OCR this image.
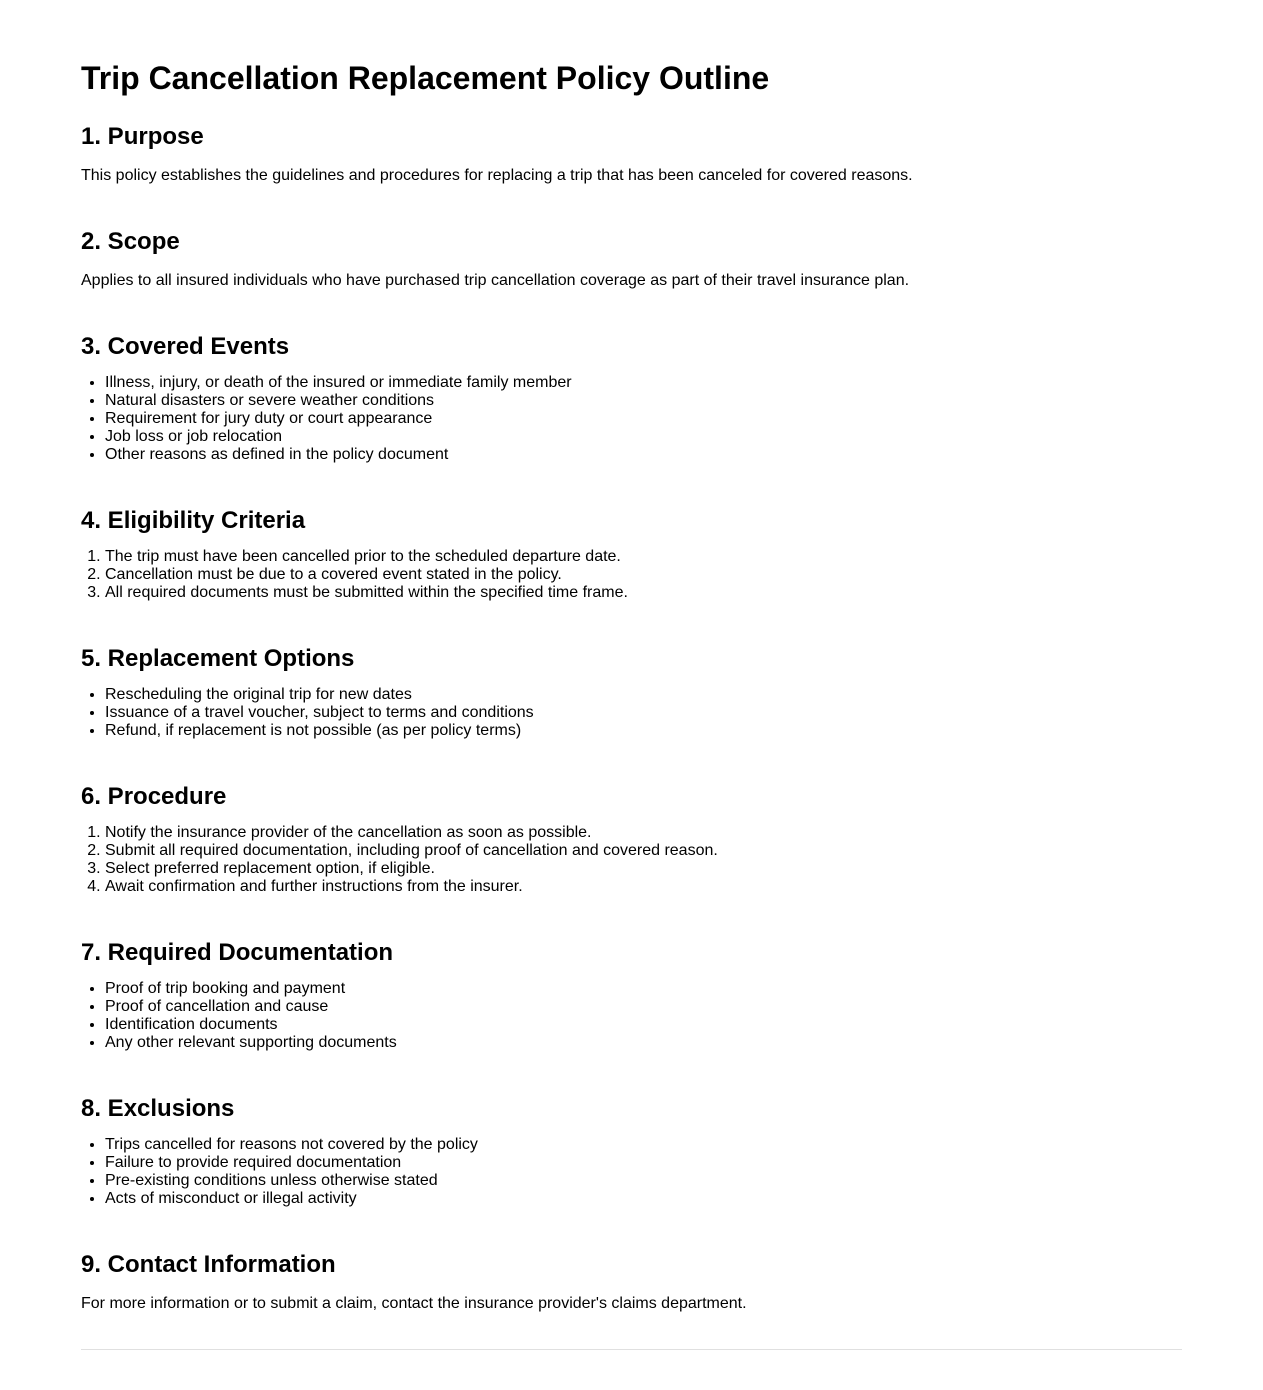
Trip Cancellation Replacement Policy Outline
1. Purpose

This policy establishes the guidelines and procedures for replacing a trip that has been canceled for covered reasons.

2. Scope

Applies to all insured individuals who have purchased trip cancellation coverage as part of their travel insurance plan.

3. Covered Events
• Illness, injury, or death of the insured or immediate family member
• Natural disasters or severe weather conditions
• Requirement for jury duty or court appearance
• Job loss or job relocation
• Other reasons as defined in the policy document
4. Eligibility Criteria
1. The trip must have been cancelled prior to the scheduled departure date.
2. Cancellation must be due to a covered event stated in the policy.
3. All required documents must be submitted within the specified time frame.
5. Replacement Options
• Rescheduling the original trip for new dates
• Issuance of a travel voucher, subject to terms and conditions
• Refund, if replacement is not possible (as per policy terms)
6. Procedure
1. Notify the insurance provider of the cancellation as soon as possible.
2. Submit all required documentation, including proof of cancellation and covered reason.
3. Select preferred replacement option, if eligible.
4. Await confirmation and further instructions from the insurer.
7. Required Documentation
• Proof of trip booking and payment
• Proof of cancellation and cause
• Identification documents
• Any other relevant supporting documents
8. Exclusions
• Trips cancelled for reasons not covered by the policy
• Failure to provide required documentation
• Pre-existing conditions unless otherwise stated
• Acts of misconduct or illegal activity
9. Contact Information

For more information or to submit a claim, contact the insurance provider's claims department.
